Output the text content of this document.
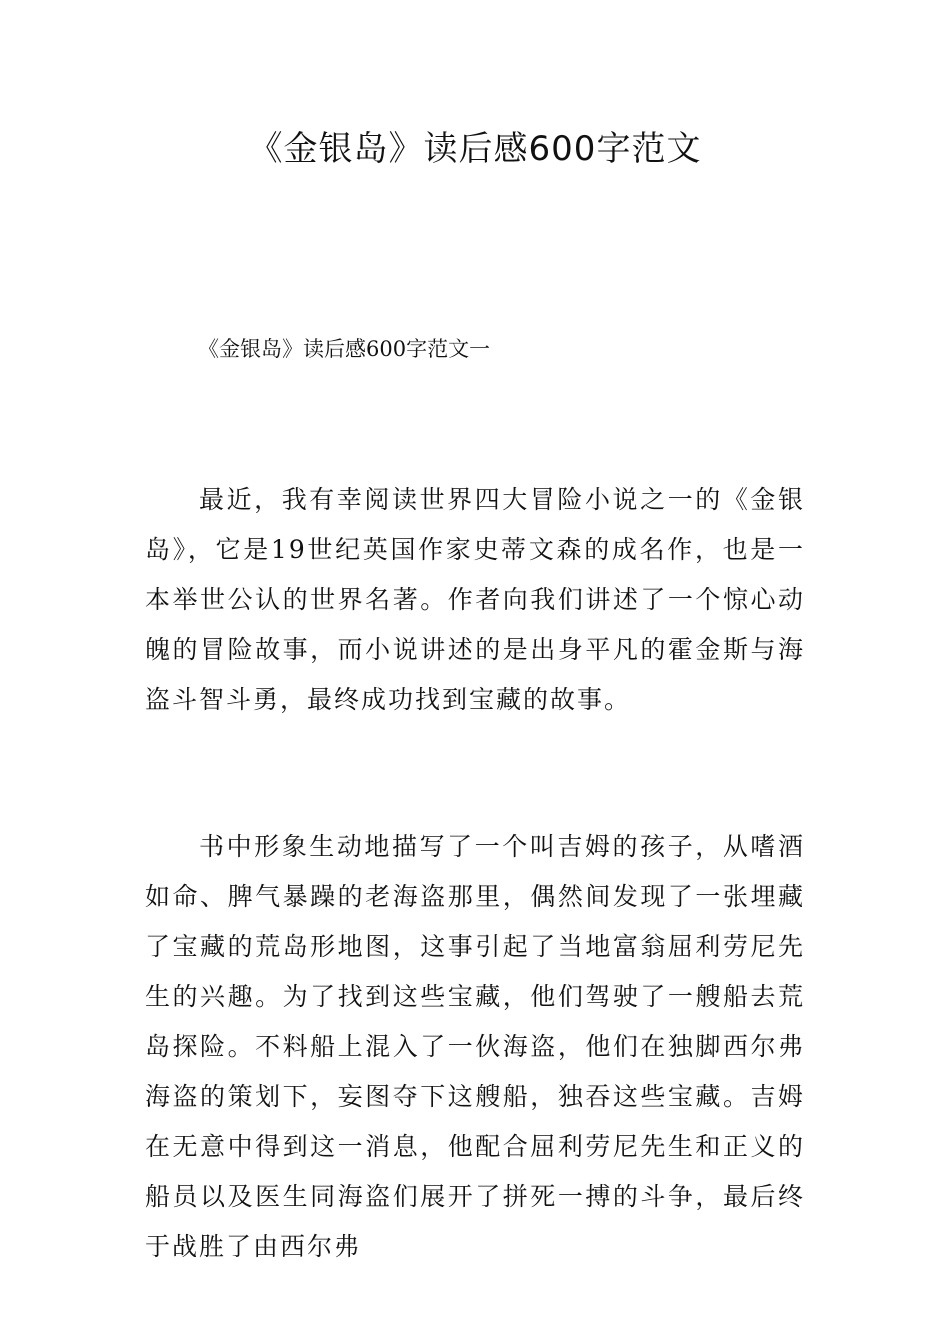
《金银岛》读后感600字范文
《金银岛》读后感600字范文一

最近，我有幸阅读世界四大冒险小说之一的《金银岛》，它是19世纪英国作家史蒂文森的成名作，也是一本举世公认的世界名著。作者向我们讲述了一个惊心动魄的冒险故事，而小说讲述的是出身平凡的霍金斯与海盗斗智斗勇，最终成功找到宝藏的故事。

书中形象生动地描写了一个叫吉姆的孩子，从嗜酒如命、脾气暴躁的老海盗那里，偶然间发现了一张埋藏了宝藏的荒岛形地图，这事引起了当地富翁屈利劳尼先生的兴趣。为了找到这些宝藏，他们驾驶了一艘船去荒岛探险。不料船上混入了一伙海盗，他们在独脚西尔弗海盗的策划下，妄图夺下这艘船，独吞这些宝藏。吉姆在无意中得到这一消息，他配合屈利劳尼先生和正义的船员以及医生同海盗们展开了拼死一搏的斗争，最后终于战胜了由西尔弗
